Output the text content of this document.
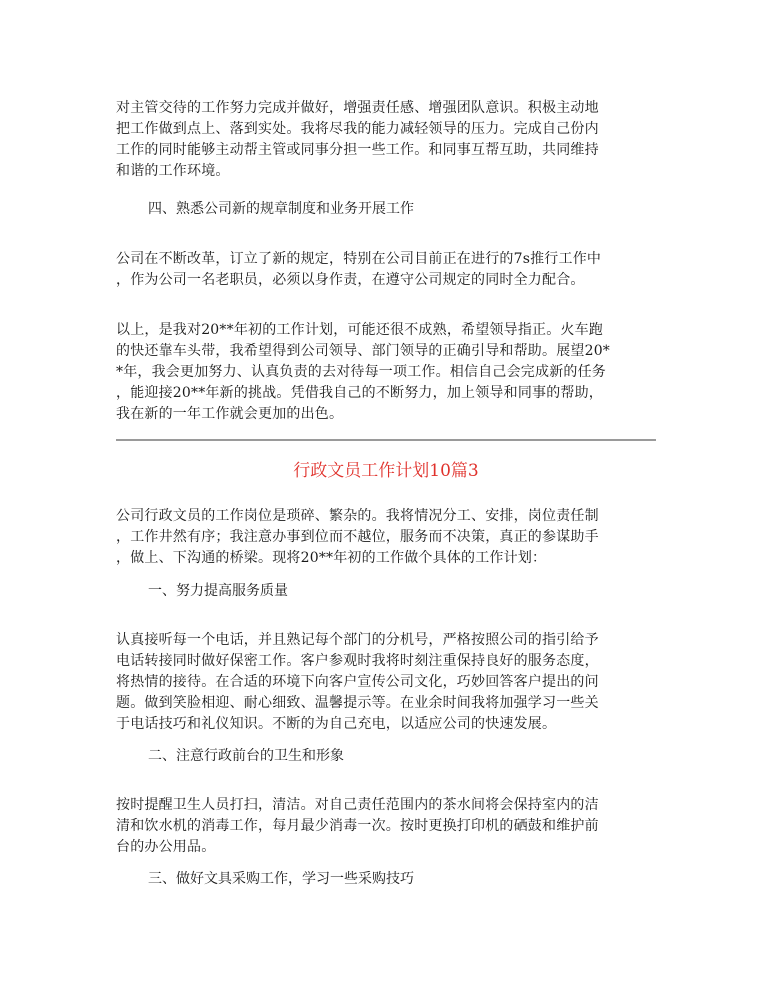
对主管交待的工作努力完成并做好，增强责任感、增强团队意识。积极主动地
把工作做到点上、落到实处。我将尽我的能力减轻领导的压力。完成自己份内
工作的同时能够主动帮主管或同事分担一些工作。和同事互帮互助，共同维持
和谐的工作环境。

四、熟悉公司新的规章制度和业务开展工作

公司在不断改革，订立了新的规定，特别在公司目前正在进行的7s推行工作中
，作为公司一名老职员，必须以身作责，在遵守公司规定的同时全力配合。

以上，是我对20**年初的工作计划，可能还很不成熟，希望领导指正。火车跑
的快还靠车头带，我希望得到公司领导、部门领导的正确引导和帮助。展望20*
*年，我会更加努力、认真负责的去对待每一项工作。相信自己会完成新的任务
，能迎接20**年新的挑战。凭借我自己的不断努力，加上领导和同事的帮助，
我在新的一年工作就会更加的出色。

行政文员工作计划10篇3

公司行政文员的工作岗位是琐碎、繁杂的。我将情况分工、安排，岗位责任制
，工作井然有序；我注意办事到位而不越位，服务而不决策，真正的参谋助手
，做上、下沟通的桥梁。现将20**年初的工作做个具体的工作计划：

一、努力提高服务质量

认真接听每一个电话，并且熟记每个部门的分机号，严格按照公司的指引给予
电话转接同时做好保密工作。客户参观时我将时刻注重保持良好的服务态度，
将热情的接待。在合适的环境下向客户宣传公司文化，巧妙回答客户提出的问
题。做到笑脸相迎、耐心细致、温馨提示等。在业余时间我将加强学习一些关
于电话技巧和礼仪知识。不断的为自己充电，以适应公司的快速发展。

二、注意行政前台的卫生和形象

按时提醒卫生人员打扫，清洁。对自己责任范围内的茶水间将会保持室内的洁
清和饮水机的消毒工作，每月最少消毒一次。按时更换打印机的硒鼓和维护前
台的办公用品。

三、做好文具采购工作，学习一些采购技巧
